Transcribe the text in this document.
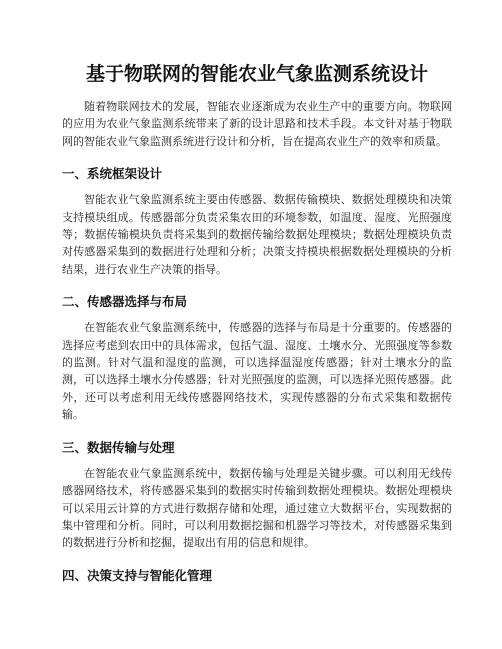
基于物联网的智能农业气象监测系统设计

随着物联网技术的发展，智能农业逐渐成为农业生产中的重要方向。物联网的应用为农业气象监测系统带来了新的设计思路和技术手段。本文针对基于物联网的智能农业气象监测系统进行设计和分析，旨在提高农业生产的效率和质量。

一、系统框架设计

智能农业气象监测系统主要由传感器、数据传输模块、数据处理模块和决策支持模块组成。传感器部分负责采集农田的环境参数，如温度、湿度、光照强度等；数据传输模块负责将采集到的数据传输给数据处理模块；数据处理模块负责对传感器采集到的数据进行处理和分析；决策支持模块根据数据处理模块的分析结果，进行农业生产决策的指导。

二、传感器选择与布局

在智能农业气象监测系统中，传感器的选择与布局是十分重要的。传感器的选择应考虑到农田中的具体需求，包括气温、湿度、土壤水分、光照强度等参数的监测。针对气温和湿度的监测，可以选择温湿度传感器；针对土壤水分的监测，可以选择土壤水分传感器；针对光照强度的监测，可以选择光照传感器。此外，还可以考虑利用无线传感器网络技术，实现传感器的分布式采集和数据传输。

三、数据传输与处理

在智能农业气象监测系统中，数据传输与处理是关键步骤。可以利用无线传感器网络技术，将传感器采集到的数据实时传输到数据处理模块。数据处理模块可以采用云计算的方式进行数据存储和处理，通过建立大数据平台，实现数据的集中管理和分析。同时，可以利用数据挖掘和机器学习等技术，对传感器采集到的数据进行分析和挖掘，提取出有用的信息和规律。

四、决策支持与智能化管理
